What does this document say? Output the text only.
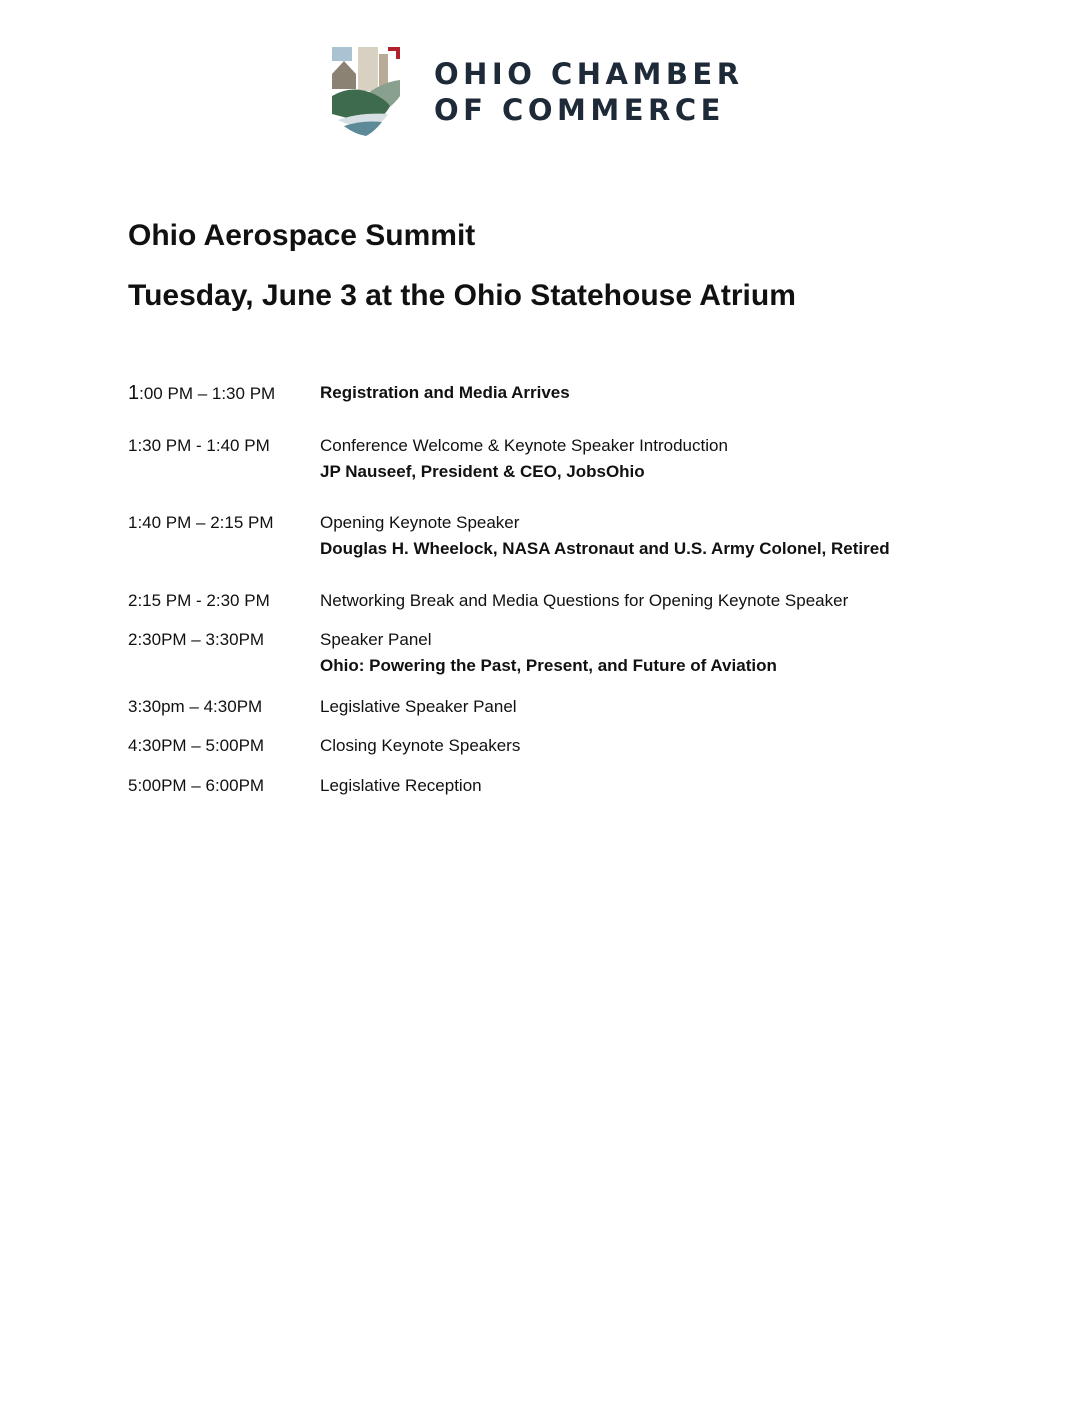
OHIO CHAMBER
OF COMMERCE
Ohio Aerospace Summit
Tuesday, June 3 at the Ohio Statehouse Atrium
1:00 PM – 1:30 PM	Registration and Media Arrives
1:30 PM - 1:40 PM	Conference Welcome & Keynote Speaker Introduction
JP Nauseef, President & CEO, JobsOhio
1:40 PM – 2:15 PM	Opening Keynote Speaker
Douglas H. Wheelock, NASA Astronaut and U.S. Army Colonel, Retired
2:15 PM - 2:30 PM	Networking Break and Media Questions for Opening Keynote Speaker
2:30PM – 3:30PM	Speaker Panel
Ohio: Powering the Past, Present, and Future of Aviation
3:30pm – 4:30PM	Legislative Speaker Panel
4:30PM – 5:00PM	Closing Keynote Speakers
5:00PM – 6:00PM	Legislative Reception
